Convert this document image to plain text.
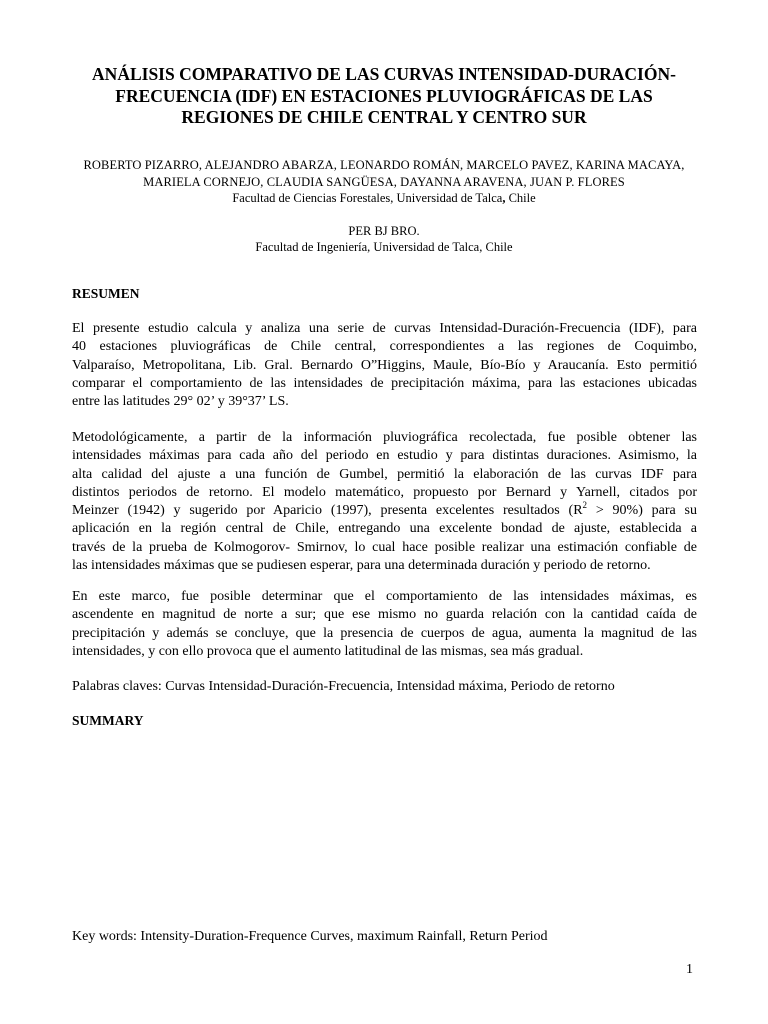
ANÁLISIS COMPARATIVO DE LAS CURVAS INTENSIDAD-DURACIÓN-
FRECUENCIA (IDF) EN ESTACIONES PLUVIOGRÁFICAS DE LAS
REGIONES DE CHILE CENTRAL Y CENTRO SUR
ROBERTO PIZARRO, ALEJANDRO ABARZA, LEONARDO ROMÁN, MARCELO PAVEZ, KARINA MACAYA,
MARIELA CORNEJO, CLAUDIA SANGÜESA, DAYANNA ARAVENA, JUAN P. FLORES
Facultad de Ciencias Forestales, Universidad de Talca, Chile
PER BJ BRO.
Facultad de Ingeniería, Universidad de Talca, Chile
RESUMEN
El presente estudio calcula y analiza una serie de curvas Intensidad-Duración-Frecuencia (IDF), para
40 estaciones pluviográficas de Chile central, correspondientes a las regiones de Coquimbo,
Valparaíso, Metropolitana, Lib. Gral. Bernardo O”Higgins, Maule, Bío-Bío y Araucanía. Esto permitió
comparar el comportamiento de las intensidades de precipitación máxima, para las estaciones ubicadas
entre las latitudes 29° 02’ y 39°37’ LS.
Metodológicamente, a partir de la información pluviográfica recolectada, fue posible obtener las
intensidades máximas para cada año del periodo en estudio y para distintas duraciones. Asimismo, la
alta calidad del ajuste a una función de Gumbel, permitió la elaboración de las curvas IDF para
distintos periodos de retorno. El modelo matemático, propuesto por Bernard y Yarnell, citados por
Meinzer (1942) y sugerido por Aparicio (1997), presenta excelentes resultados $(R^2 > 90\%)$ para su
aplicación en la región central de Chile, entregando una excelente bondad de ajuste, establecida a
través de la prueba de Kolmogorov- Smirnov, lo cual hace posible realizar una estimación confiable de
las intensidades máximas que se pudiesen esperar, para una determinada duración y periodo de retorno.
En este marco, fue posible determinar que el comportamiento de las intensidades máximas, es
ascendente en magnitud de norte a sur; que ese mismo no guarda relación con la cantidad caída de
precipitación y además se concluye, que la presencia de cuerpos de agua, aumenta la magnitud de las
intensidades, y con ello provoca que el aumento latitudinal de las mismas, sea más gradual.
Palabras claves: Curvas Intensidad-Duración-Frecuencia, Intensidad máxima, Periodo de retorno
SUMMARY
Key words: Intensity-Duration-Frequence Curves, maximum Rainfall, Return Period
1
